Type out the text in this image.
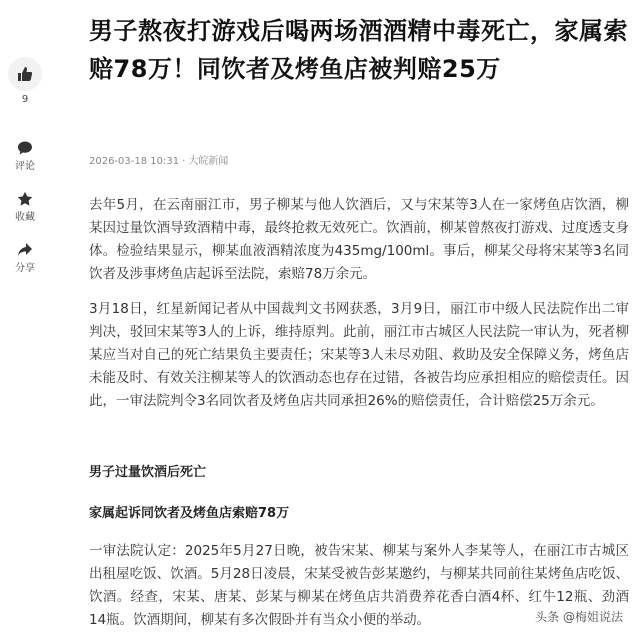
9
评论
收藏
分享
男子熬夜打游戏后喝两场酒酒精中毒死亡，家属索赔78万！同饮者及烤鱼店被判赔25万
2026-03-18 10:31 · 大皖新闻

去年5月，在云南丽江市，男子柳某与他人饮酒后，又与宋某等3人在一家烤鱼店饮酒，柳某因过量饮酒导致酒精中毒，最终抢救无效死亡。饮酒前，柳某曾熬夜打游戏、过度透支身体。检验结果显示，柳某血液酒精浓度为435mg/100ml。事后，柳某父母将宋某等3名同饮者及涉事烤鱼店起诉至法院，索赔78万余元。

3月18日，红星新闻记者从中国裁判文书网获悉，3月9日，丽江市中级人民法院作出二审判决，驳回宋某等3人的上诉，维持原判。此前，丽江市古城区人民法院一审认为，死者柳某应当对自己的死亡结果负主要责任；宋某等3人未尽劝阻、救助及安全保障义务，烤鱼店未能及时、有效关注柳某等人的饮酒动态也存在过错，各被告均应承担相应的赔偿责任。因此，一审法院判令3名同饮者及烤鱼店共同承担26%的赔偿责任，合计赔偿25万余元。

男子过量饮酒后死亡
家属起诉同饮者及烤鱼店索赔78万

一审法院认定：2025年5月27日晚，被告宋某、柳某与案外人李某等人，在丽江市古城区出租屋吃饭、饮酒。5月28日凌晨，宋某受被告彭某邀约，与柳某共同前往某烤鱼店吃饭、饮酒。经查，宋某、唐某、彭某与柳某在烤鱼店共消费养花香白酒4杯、红牛12瓶、劲酒14瓶。饮酒期间，柳某有多次假卧并有当众小便的举动。	头条 @梅姐说法
